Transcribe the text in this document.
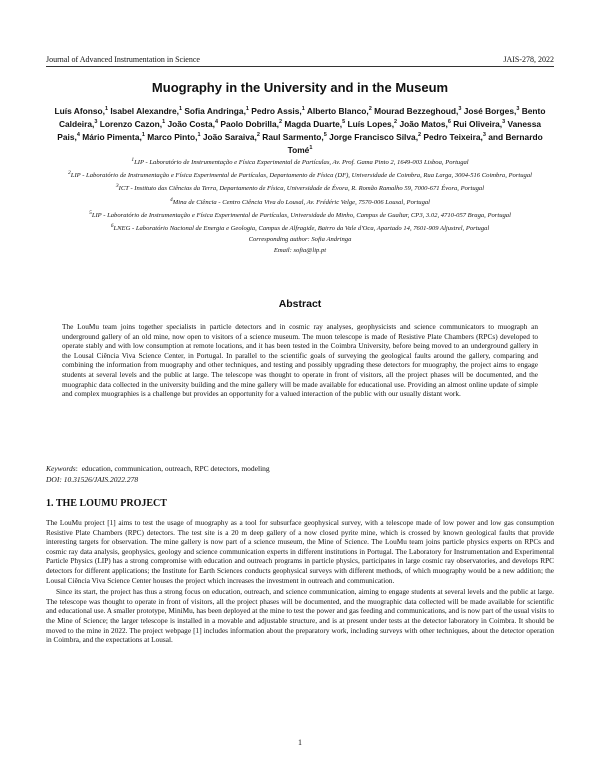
Journal of Advanced Instrumentation in Science	JAIS-278, 2022
Muography in the University and in the Museum
Luís Afonso,$^1$ Isabel Alexandre,$^1$ Sofia Andringa,$^1$ Pedro Assis,$^1$ Alberto Blanco,$^2$ Mourad Bezzeghoud,$^3$ José Borges,$^3$ Bento Caldeira,$^3$ Lorenzo Cazon,$^1$ João Costa,$^4$ Paolo Dobrilla,$^2$ Magda Duarte,$^5$ Luís Lopes,$^2$ João Matos,$^6$ Rui Oliveira,$^3$ Vanessa Pais,$^4$ Mário Pimenta,$^1$ Marco Pinto,$^1$ João Saraiva,$^2$ Raul Sarmento,$^5$ Jorge Francisco Silva,$^2$ Pedro Teixeira,$^3$ and Bernardo Tomé$^1$

$^1$LIP - Laboratório de Instrumentação e Física Experimental de Partículas, Av. Prof. Gama Pinto 2, 1649-003 Lisboa, Portugal

$^2$LIP - Laboratório de Instrumentação e Física Experimental de Partículas, Departamento de Física (DF), Universidade de Coimbra, Rua Larga, 3004-516 Coimbra, Portugal

$^3$ICT - Instituto das Ciências da Terra, Departamento de Física, Universidade de Évora, R. Romão Ramalho 59, 7000-671 Évora, Portugal

$^4$Mina de Ciência - Centro Ciência Viva do Lousal, Av. Frédéric Velge, 7570-006 Lousal, Portugal

$^5$LIP - Laboratório de Instrumentação e Física Experimental de Partículas, Universidade do Minho, Campus de Gualtar, CP3, 3.02, 4710-057 Braga, Portugal

$^6$LNEG - Laboratório Nacional de Energia e Geologia, Campus de Alfragide, Bairro da Vale d'Oca, Apartado 14, 7601-909 Aljustrel, Portugal

Corresponding author: Sofia Andringa

Email: sofia@lip.pt

Abstract

The LouMu team joins together specialists in particle detectors and in cosmic ray analyses, geophysicists and science communicators to muograph an underground gallery of an old mine, now open to visitors of a science museum. The muon telescope is made of Resistive Plate Chambers (RPCs) developed to operate stably and with low consumption at remote locations, and it has been tested in the Coimbra University, before being moved to an underground gallery in the Lousal Ciência Viva Science Center, in Portugal. In parallel to the scientific goals of surveying the geological faults around the gallery, comparing and combining the information from muography and other techniques, and testing and possibly upgrading these detectors for muography, the project aims to engage students at several levels and the public at large. The telescope was thought to operate in front of visitors, all the project phases will be documented, and the muographic data collected in the university building and the mine gallery will be made available for educational use. Providing an almost online update of simple and complex muographies is a challenge but provides an opportunity for a valued interaction of the public with our usually distant work.

Keywords:  education, communication, outreach, RPC detectors, modeling
DOI: 10.31526/JAIS.2022.278
1. THE LOUMU PROJECT

The LouMu project [1] aims to test the usage of muography as a tool for subsurface geophysical survey, with a telescope made of low power and low gas consumption Resistive Plate Chambers (RPC) detectors. The test site is a 20 m deep gallery of a now closed pyrite mine, which is crossed by known geological faults that provide interesting targets for observation. The mine gallery is now part of a science museum, the Mine of Science. The LouMu team joins particle physics experts on RPCs and cosmic ray data analysis, geophysics, geology and science communication experts in different institutions in Portugal. The Laboratory for Instrumentation and Experimental Particle Physics (LIP) has a strong compromise with education and outreach programs in particle physics, participates in large cosmic ray observatories, and develops RPC detectors for different applications; the Institute for Earth Sciences conducts geophysical surveys with different methods, of which muography would be a new addition; the Lousal Ciência Viva Science Center houses the project which increases the investment in outreach and communication.

Since its start, the project has thus a strong focus on education, outreach, and science communication, aiming to engage students at several levels and the public at large. The telescope was thought to operate in front of visitors, all the project phases will be documented, and the muographic data collected will be made available for scientific and educational use. A smaller prototype, MiniMu, has been deployed at the mine to test the power and gas feeding and communications, and is now part of the usual visits to the Mine of Science; the larger telescope is installed in a movable and adjustable structure, and is at present under tests at the detector laboratory in Coimbra. It should be moved to the mine in 2022. The project webpage [1] includes information about the preparatory work, including surveys with other techniques, about the detector operation in Coimbra, and the expectations at Lousal.

1
